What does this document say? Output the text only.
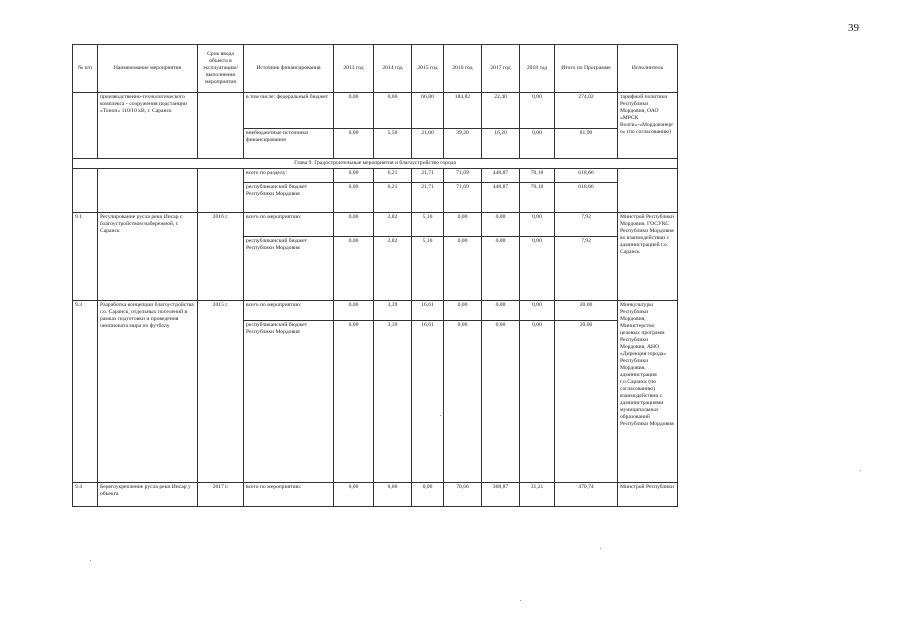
39
№ п/п	Наименование мероприятия	Срок ввода объекта в эксплуатацию/ выполнения мероприятия	Источник финансирования	2013 год	2014 год	2015 год	2016 год	2017 год	2018 год	Итого по Программе	Исполнитель
	производственно-технологического комплекса - сооружения подстанции «Тоноп» 110/10 кВ, г. Саранск		в том числе: федеральный бюджет	0,00	0,00	66,80	184,82	22,40	0,00	274,02	тарифной политики Республики Мордовия, ОАО «МРСК Волги»-«Мордовэнерго» (по согласованию)
			внебюджетные источники финансирования	0,00	5,50	21,00	39,20	16,20	0,00	81,90	
Глава 9. Градостроительные мероприятия и благоустройство города											
			всего по разделу:	0,00	6,21	21,71	71,69	448,87	70,18	618,66	
			республиканский бюджет Республики Мордовия	0,00	6,21	21,71	71,69	448,87	70,18	618,66	
9.1	Регулирование русла реки Инсар с благоустройством набережной, г. Саранск	2016 г.	всего по мероприятию:	0,00	2,82	5,10	0,00	0,00	0,00	7,92	Минстрой Республики Мордовия, ГОСУКС Республики Мордовия во взаимодействии с администрацией г.о. Саранск
			республиканский бюджет Республики Мордовия	0,00	2,82	5,10	0,00	0,00	0,00	7,92	
9.3	Разработка концепции благоустройства г.о. Саранск, отдельных поселений в рамках подготовки и проведения чемпионата мира по футболу	2015 г.	всего по мероприятию:	0,00	3,39	16,61	0,00	0,00	0,00	20,00	Минкультуры Республики Мордовия, Министерство целевых программ Республики Мордовия, АНО «Дирекция города» Республики Мордовия, администрация г.о.Саранск (по согласованию) взаимодействии с администрациями муниципальных образований Республики Мордовия
			республиканский бюджет Республики Мордовия	0,00	3,39	16,61	0,00	0,00	0,00	20,00	
9.4	Берегоукрепление русла реки Инсар у объекта	2017 г.	всего по мероприятию:	0,00	0,00	0,00	70,66	368,87	31,21	470,74	Минстрой Республики
